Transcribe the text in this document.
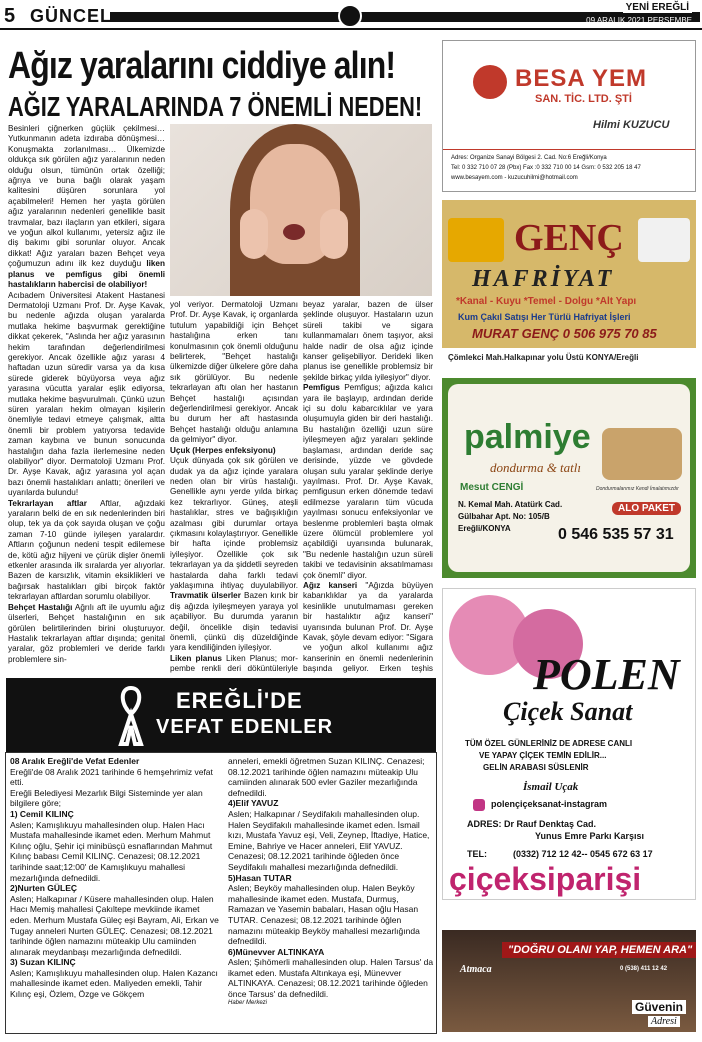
5 GÜNCEL	YENİ EREĞLİ
09 ARALIK 2021 PERŞEMBE
Ağız yaralarını ciddiye alın!
AĞIZ YARALARINDA 7 ÖNEMLİ NEDEN!
Besinleri çiğnerken güçlük çekilmesi… Yutkunmanın adeta izdıraba dönüşmesi… Konuşmakta zorlanılması… Ülkemizde oldukça sık görülen ağız yaralarının neden olduğu olsun, tümünün ortak özelliği; ağrıya ve buna bağlı olarak yaşam kalitesini düşüren sorunlara yol açabilmeleri! Hemen her yaşta görülen ağız yaralarının nedenleri genellikle basit travmalar, bazı ilaçların yan etkileri, sigara ve yoğun alkol kullanımı, yetersiz ağız ile diş bakımı gibi sorunlar oluyor. Ancak dikkat! Ağız yaraları bazen Behçet veya çoğumuzun adını ilk kez duyduğu liken planus ve pemfigus gibi önemli hastalıkların habercisi de olabiliyor!
Acıbadem Üniversitesi Atakent Hastanesi Dermatoloji Uzmanı Prof. Dr. Ayşe Kavak, bu nedenle ağızda oluşan yaralarda mutlaka hekime başvurmak gerektiğine dikkat çekerek, "Aslında her ağız yarasının hekim tarafından değerlendirilmesi gerekiyor. Ancak özellikle ağız yarası 4 haftadan uzun süredir varsa ya da kısa sürede giderek büyüyorsa veya ağız yarasına vücutta yaralar eşlik ediyorsa, mutlaka hekime başvurulmalı. Çünkü uzun süren yaraları hekim olmayan kişilerin önemliyle tedavi etmeye çalışmak, altta önemli bir problem yatıyorsa tedavide zaman kaybına ve bunun sonucunda hastalığın daha fazla ilerlemesine neden olabiliyor" diyor. Dermatoloji Uzmanı Prof. Dr. Ayşe Kavak, ağız yarasına yol açan bazı önemli hastalıkları anlattı; önerileri ve uyarılarda bulundu!
Tekrarlayan aftlar Aftlar, ağızdaki yaraların belki de en sık nedenlerinden biri olup, tek ya da çok sayıda oluşan ve çoğu zaman 7-10 günde iyileşen yaralardır. Aftların çoğunun nedeni tespit edilemese de, kötü ağız hijyeni ve çürük dişler önemli etkenler arasında ilk sıralarda yer alıyorlar. Bazen de karsızlık, vitamin eksiklikleri ve bağırsak hastalıkları gibi birçok faktör tekrarlayan aftlardan sorumlu olabiliyor.
Behçet Hastalığı Ağrılı aft ile uyumlu ağız ülserleri, Behçet hastalığının en sık görülen belirtilerinden birini oluşturuyor. Hastalık tekrarlayan aftlar dışında; genital yaralar, göz problemleri ve deride farklı problemlere sin-
yol veriyor. Dermatoloji Uzmanı Prof. Dr. Ayşe Kavak, iç organlarda tutulum yapabildiği için Behçet hastalığına erken tanı konulmasının çok önemli olduğunu belirterek, "Behçet hastalığı ülkemizde diğer ülkelere göre daha sık görülüyor. Bu nedenle tekrarlayan aftı olan her hastanın Behçet hastalığı açısından değerlendirilmesi gerekiyor. Ancak bu durum her aft hastasında Behçet hastalığı olduğu anlamına da gelmiyor" diyor.
Uçuk (Herpes enfeksiyonu)
Uçuk dünyada çok sık görülen ve dudak ya da ağız içinde yaralara neden olan bir virüs hastalığı. Genellikle aynı yerde yılda birkaç kez tekrarlıyor. Güneş, ateşli hastalıklar, stres ve bağışıklığın azalması gibi durumlar ortaya çıkmasını kolaylaştırıyor. Genellikle bir hafta içinde problemsiz iyileşiyor. Özellikle çok sık tekrarlayan ya da şiddetli seyreden hastalarda daha farklı tedavi yaklaşımına ihtiyaç duyulabiliyor. Travmatik ülserler Bazen kırık bir diş ağızda iyileşmeyen yaraya yol açabiliyor. Bu durumda yaranın değil, öncelikle dişin tedavisi önemli, çünkü diş düzeldiğinde yara kendiliğinden iyileşiyor.
Liken planus Liken Planus; mor-pembe renkli deri döküntüleriyle
beyaz yaralar, bazen de ülser şeklinde oluşuyor. Hastaların uzun süreli takibi ve sigara kullanmamaları önem taşıyor, aksi halde nadir de olsa ağız içinde kanser gelişebiliyor. Derideki liken planus ise genellikle problemsiz bir şekilde birkaç yılda iyileşiyor" diyor.
Pemfigus Pemfigus; ağızda kalıcı yara ile başlayıp, ardından deride içi su dolu kabarcıklılar ve yara oluşumuyla giden bir deri hastalığı. Bu hastalığın özelliği uzun süre iyileşmeyen ağız yaraları şeklinde başlaması, ardından deride saç derisinde, yüzde ve gövdede oluşan sulu yaralar şeklinde deriye yayılması. Prof. Dr. Ayşe Kavak, pemfigusun erken dönemde tedavi edilmezse yaraların tüm vücuda yayılması sonucu enfeksiyonlar ve beslenme problemleri başta olmak üzere ölümcül problemlere yol açabildiği uyarısında bulunarak, "Bu nedenle hastalığın uzun süreli takibi ve tedavisinin aksatılmaması çok önemli" diyor.
Ağız kanseri "Ağızda büyüyen kabarıklıklar ya da yaralarda kesinlikle unutulmaması gereken bir hastalıktır ağız kanseri" uyarısında bulunan Prof. Dr. Ayşe Kavak, şöyle devam ediyor: "Sigara ve yoğun alkol kullanımı ağız kanserinin en önemli nedenlerinin başında geliyor. Erken teşhis
EREĞLİ'DE
VEFAT EDENLER
08 Aralık Ereğli'de Vefat Edenler
Ereğli'de 08 Aralık 2021 tarihinde 6 hemşehrimiz vefat etti.
Ereğli Belediyesi Mezarlık Bilgi Sisteminde yer alan bilgilere göre;
1) Cemil KILINÇ
Aslen; Kamışlıkuyu mahallesinden olup. Halen Hacı Mustafa mahallesinde ikamet eden. Merhum Mahmut Kılınç oğlu, Şehir içi minibüsçü esnaflarından Mahmut Kılınç babası Cemil KILINÇ. Cenazesi; 08.12.2021 tarihinde saat;12:00' de Kamışlıkuyu mahallesi mezarlığında defnedildi.
2)Nurten GÜLEÇ
Aslen; Halkapınar / Küsere mahallesinden olup. Halen Hacı Memiş mahallesi Çakıltepe mevkiinde ikamet eden. Merhum Mustafa Güleç eşi Bayram, Ali, Erkan ve Tugay anneleri Nurten GÜLEÇ. Cenazesi; 08.12.2021 tarihinde öğlen namazını müteakip Ulu camiinden alınarak meydanbaşı mezarlığında defnedildi.
3) Suzan KILINÇ
Aslen; Kamışlıkuyu mahallesinden olup. Halen Kazancı mahallesinde ikamet eden. Maliyeden emekli, Tahir Kılınç eşi, Özlem, Özge ve Gökçem
anneleri, emekli öğretmen Suzan KILINÇ. Cenazesi; 08.12.2021 tarihinde öğlen namazını müteakip Ulu camiinden alınarak 500 evler Gaziler mezarlığında defnedildi.
4)Elif YAVUZ
Aslen; Halkapınar / Seydifakılı mahallesinden olup. Halen Seydifakılı mahallesinde ikamet eden. İsmail kızı, Mustafa Yavuz eşi, Veli, Zeynep, İftadiye, Hatice, Emine, Bahriye ve Hacer anneleri, Elif YAVUZ. Cenazesi; 08.12.2021 tarihinde öğleden önce Seydifakılı mahallesi mezarlığında defnedildi.
5)Hasan TUTAR
Aslen; Beyköy mahallesinden olup. Halen Beyköy mahallesinde ikamet eden. Mustafa, Durmuş, Ramazan ve Yasemin babaları, Hasan oğlu Hasan TUTAR. Cenazesi; 08.12.2021 tarihinde öğlen namazını müteakip Beyköy mahallesi mezarlığında defnedildi.
6)Münevver ALTINKAYA
Aslen; Şıhömerli mahallesinden olup. Halen Tarsus' da ikamet eden. Mustafa Altınkaya eşi, Münevver ALTINKAYA. Cenazesi; 08.12.2021 tarihinde öğleden önce Tarsus' da defnedildi.
Haber Merkezi
BESA YEM
SAN. TİC. LTD. ŞTİ
Hilmi KUZUCU
Adres: Organize Sanayi Bölgesi 2. Cad. No:6 Ereğli/Konya
Tel: 0 332 710 07 28 (Pbx) Fax :0 332 710 00 14 Gsm: 0 532 205 18 47
www.besayem.com - kuzucuhilmi@hotmail.com
GENÇ
HAFRİYAT
*Kanal - Kuyu *Temel - Dolgu *Alt Yapı
Kum Çakıl Satışı Her Türlü Hafriyat İşleri
MURAT GENÇ 0 506 975 70 85
Çömlekci Mah.Halkapınar yolu Üstü KONYA/Ereğli
palmiye
dondurma & tatlı
Mesut CENGİ	Dondurmalarımız Kendi İmalatımızdır
N. Kemal Mah. Atatürk Cad.
Gülbahar Apt. No: 105/B
Ereğli/KONYA
ALO PAKET
0 546 535 57 31
POLEN
Çiçek Sanat
TÜM ÖZEL GÜNLERİNİZ DE ADRESE CANLI
VE YAPAY ÇİÇEK TEMİN EDİLİR...
GELİN ARABASI SÜSLENİR
İsmail Uçak
polençiçeksanat-instagram
ADRES: Dr Rauf Denktaş Cad.
Yunus Emre Parkı Karşısı
TEL:	(0332) 712 12 42-- 0545 672 63 17
çiçeksiparişi
"DOĞRU OLANI YAP, HEMEN ARA"
Atmaca	0 (538) 411 12 42
Güvenin
Adresi
